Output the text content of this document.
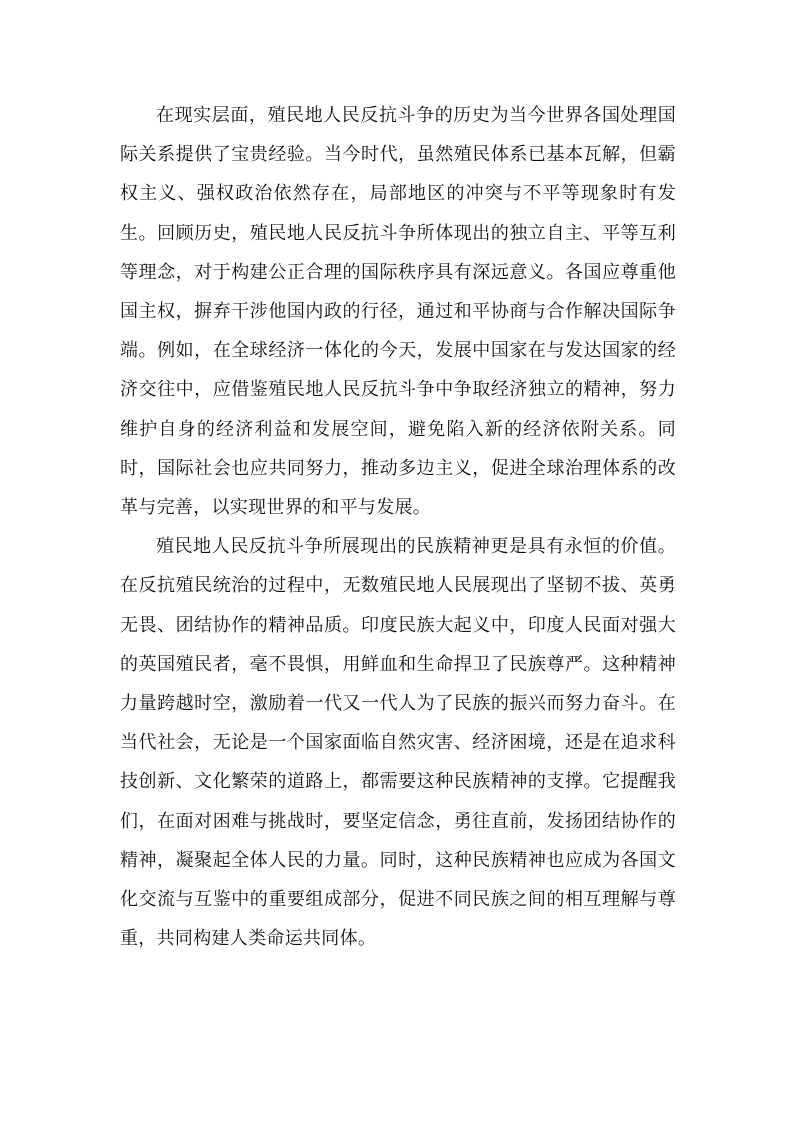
在现实层面，殖民地人民反抗斗争的历史为当今世界各国处理国际关系提供了宝贵经验。当今时代，虽然殖民体系已基本瓦解，但霸权主义、强权政治依然存在，局部地区的冲突与不平等现象时有发生。回顾历史，殖民地人民反抗斗争所体现出的独立自主、平等互利等理念，对于构建公正合理的国际秩序具有深远意义。各国应尊重他国主权，摒弃干涉他国内政的行径，通过和平协商与合作解决国际争端。例如，在全球经济一体化的今天，发展中国家在与发达国家的经济交往中，应借鉴殖民地人民反抗斗争中争取经济独立的精神，努力维护自身的经济利益和发展空间，避免陷入新的经济依附关系。同时，国际社会也应共同努力，推动多边主义，促进全球治理体系的改革与完善，以实现世界的和平与发展。

殖民地人民反抗斗争所展现出的民族精神更是具有永恒的价值。在反抗殖民统治的过程中，无数殖民地人民展现出了坚韧不拔、英勇无畏、团结协作的精神品质。印度民族大起义中，印度人民面对强大的英国殖民者，毫不畏惧，用鲜血和生命捍卫了民族尊严。这种精神力量跨越时空，激励着一代又一代人为了民族的振兴而努力奋斗。在当代社会，无论是一个国家面临自然灾害、经济困境，还是在追求科技创新、文化繁荣的道路上，都需要这种民族精神的支撑。它提醒我们，在面对困难与挑战时，要坚定信念，勇往直前，发扬团结协作的精神，凝聚起全体人民的力量。同时，这种民族精神也应成为各国文化交流与互鉴中的重要组成部分，促进不同民族之间的相互理解与尊重，共同构建人类命运共同体。
